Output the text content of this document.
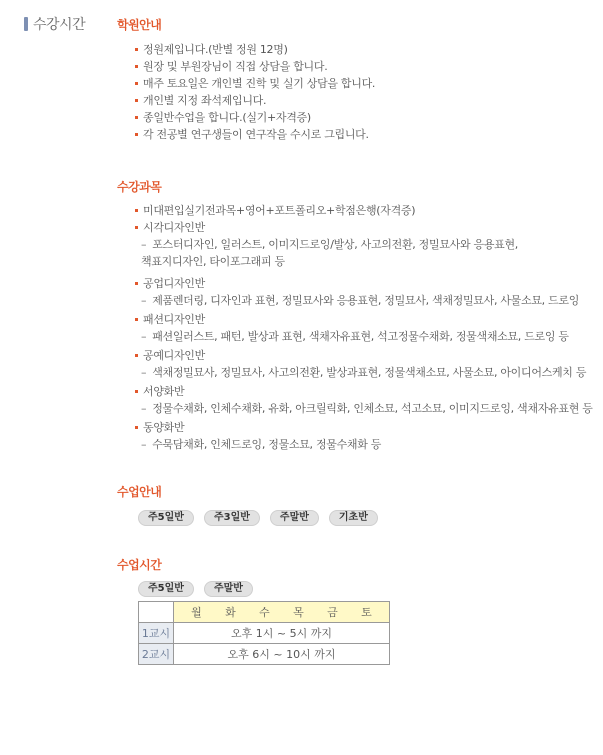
수강시간	학원안내
정원제입니다.(반별 정원 12명)
원장 및 부원장님이 직접 상담을 합니다.
매주 토요일은 개인별 진학 및 실기 상담을 합니다.
개인별 지정 좌석제입니다.
종일반수업을 합니다.(실기+자격증)
각 전공별 연구생들이 연구작을 수시로 그립니다.
수강과목
미대편입실기전과목+영어+포트폴리오+학점은행(자격증)
시각디자인반
– 포스터디자인, 일러스트, 이미지드로잉/발상, 사고의전환, 정밀묘사와 응용표현,
책표지디자인, 타이포그래피 등
공업디자인반
– 제품렌더링, 디자인과 표현, 정밀묘사와 응용표현, 정밀묘사, 색채정밀묘사, 사물소묘, 드로잉
패션디자인반
– 패션일러스트, 패턴, 발상과 표현, 색채자유표현, 석고정물수채화, 정물색채소묘, 드로잉 등
공예디자인반
– 색채정밀묘사, 정밀묘사, 사고의전환, 발상과표현, 정물색채소묘, 사물소묘, 아이디어스케치 등
서양화반
– 정물수채화, 인체수채화, 유화, 아크릴릭화, 인체소묘, 석고소묘, 이미지드로잉, 색채자유표현 등
동양화반
– 수묵담채화, 인체드로잉, 정물소묘, 정물수채화 등
수업안내
주5일반	주3일반	주말반	기초반
수업시간
주5일반	주말반
	월 화 수 목 금 토
1교시	오후 1시 ~ 5시 까지
2교시	오후 6시 ~ 10시 까지
